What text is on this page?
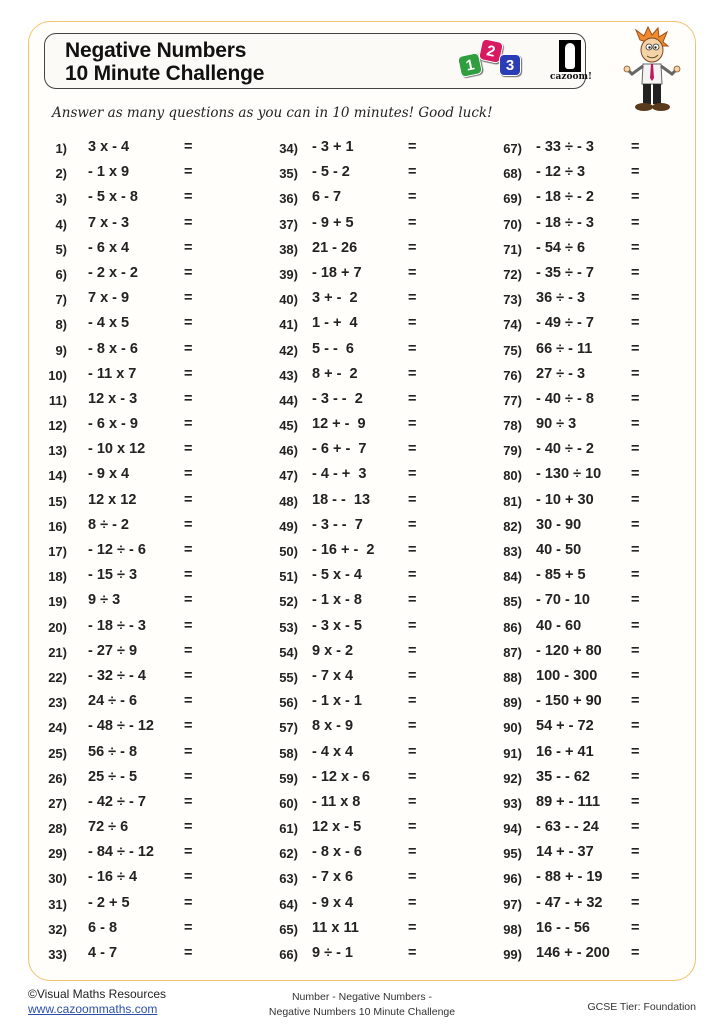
Negative Numbers
10 Minute Challenge	1
2
3
cazoom!
Answer as many questions as you can in 10 minutes! Good luck!
1) 3 x - 4	=
2) - 1 x 9	=
3) - 5 x - 8	=
4) 7 x - 3	=
5) - 6 x 4	=
6) - 2 x - 2	=
7) 7 x - 9	=
8) - 4 x 5	=
9) - 8 x - 6	=
10) - 11 x 7	=
11) 12 x - 3	=
12) - 6 x - 9	=
13) - 10 x 12	=
14) - 9 x 4	=
15) 12 x 12	=
16) 8 ÷ - 2	=
17) - 12 ÷ - 6	=
18) - 15 ÷ 3	=
19) 9 ÷ 3	=
20) - 18 ÷ - 3	=
21) - 27 ÷ 9	=
22) - 32 ÷ - 4	=
23) 24 ÷ - 6	=
24) - 48 ÷ - 12 =
25) 56 ÷ - 8	=
26) 25 ÷ - 5	=
27) - 42 ÷ - 7	=
28) 72 ÷ 6	=
29) - 84 ÷ - 12 =
30) - 16 ÷ 4	=
31) - 2 + 5	=
32) 6 - 8	=
33) 4 - 7	=
34) - 3 + 1	=
35) - 5 - 2	=
36) 6 - 7	=
37) - 9 + 5	=
38) 21 - 26	=
39) - 18 + 7	=
40) 3 + -  2	=
41) 1 - +  4	=
42) 5 - -  6	=
43) 8 + -  2	=
44) - 3 - -  2	=
45) 12 + -  9	=
46) - 6 + -  7	=
47) - 4 - +  3	=
48) 18 - -  13	=
49) - 3 - -  7	=
50) - 16 + -  2 =
51) - 5 x - 4	=
52) - 1 x - 8	=
53) - 3 x - 5	=
54) 9 x - 2	=
55) - 7 x 4	=
56) - 1 x - 1	=
57) 8 x - 9	=
58) - 4 x 4	=
59) - 12 x - 6	=
60) - 11 x 8	=
61) 12 x - 5	=
62) - 8 x - 6	=
63) - 7 x 6	=
64) - 9 x 4	=
65) 11 x 11	=
66) 9 ÷ - 1	=
67) - 33 ÷ - 3	=
68) - 12 ÷ 3	=
69) - 18 ÷ - 2	=
70) - 18 ÷ - 3	=
71) - 54 ÷ 6	=
72) - 35 ÷ - 7	=
73) 36 ÷ - 3	=
74) - 49 ÷ - 7	=
75) 66 ÷ - 11	=
76) 27 ÷ - 3	=
77) - 40 ÷ - 8	=
78) 90 ÷ 3	=
79) - 40 ÷ - 2	=
80) - 130 ÷ 10 =
81) - 10 + 30	=
82) 30 - 90	=
83) 40 - 50	=
84) - 85 + 5	=
85) - 70 - 10	=
86) 40 - 60	=
87) - 120 + 80 =
88) 100 - 300 =
89) - 150 + 90 =
90) 54 + - 72	=
91) 16 - + 41	=
92) 35 - - 62	=
93) 89 + - 111 =
94) - 63 - - 24 =
95) 14 + - 37	=
96) - 88 + - 19 =
97) - 47 - + 32 =
98) 16 - - 56	=
99) 146 + - 200 =
©Visual Maths Resources
www.cazoommaths.com
Number - Negative Numbers -
Negative Numbers 10 Minute Challenge	GCSE Tier: Foundation
